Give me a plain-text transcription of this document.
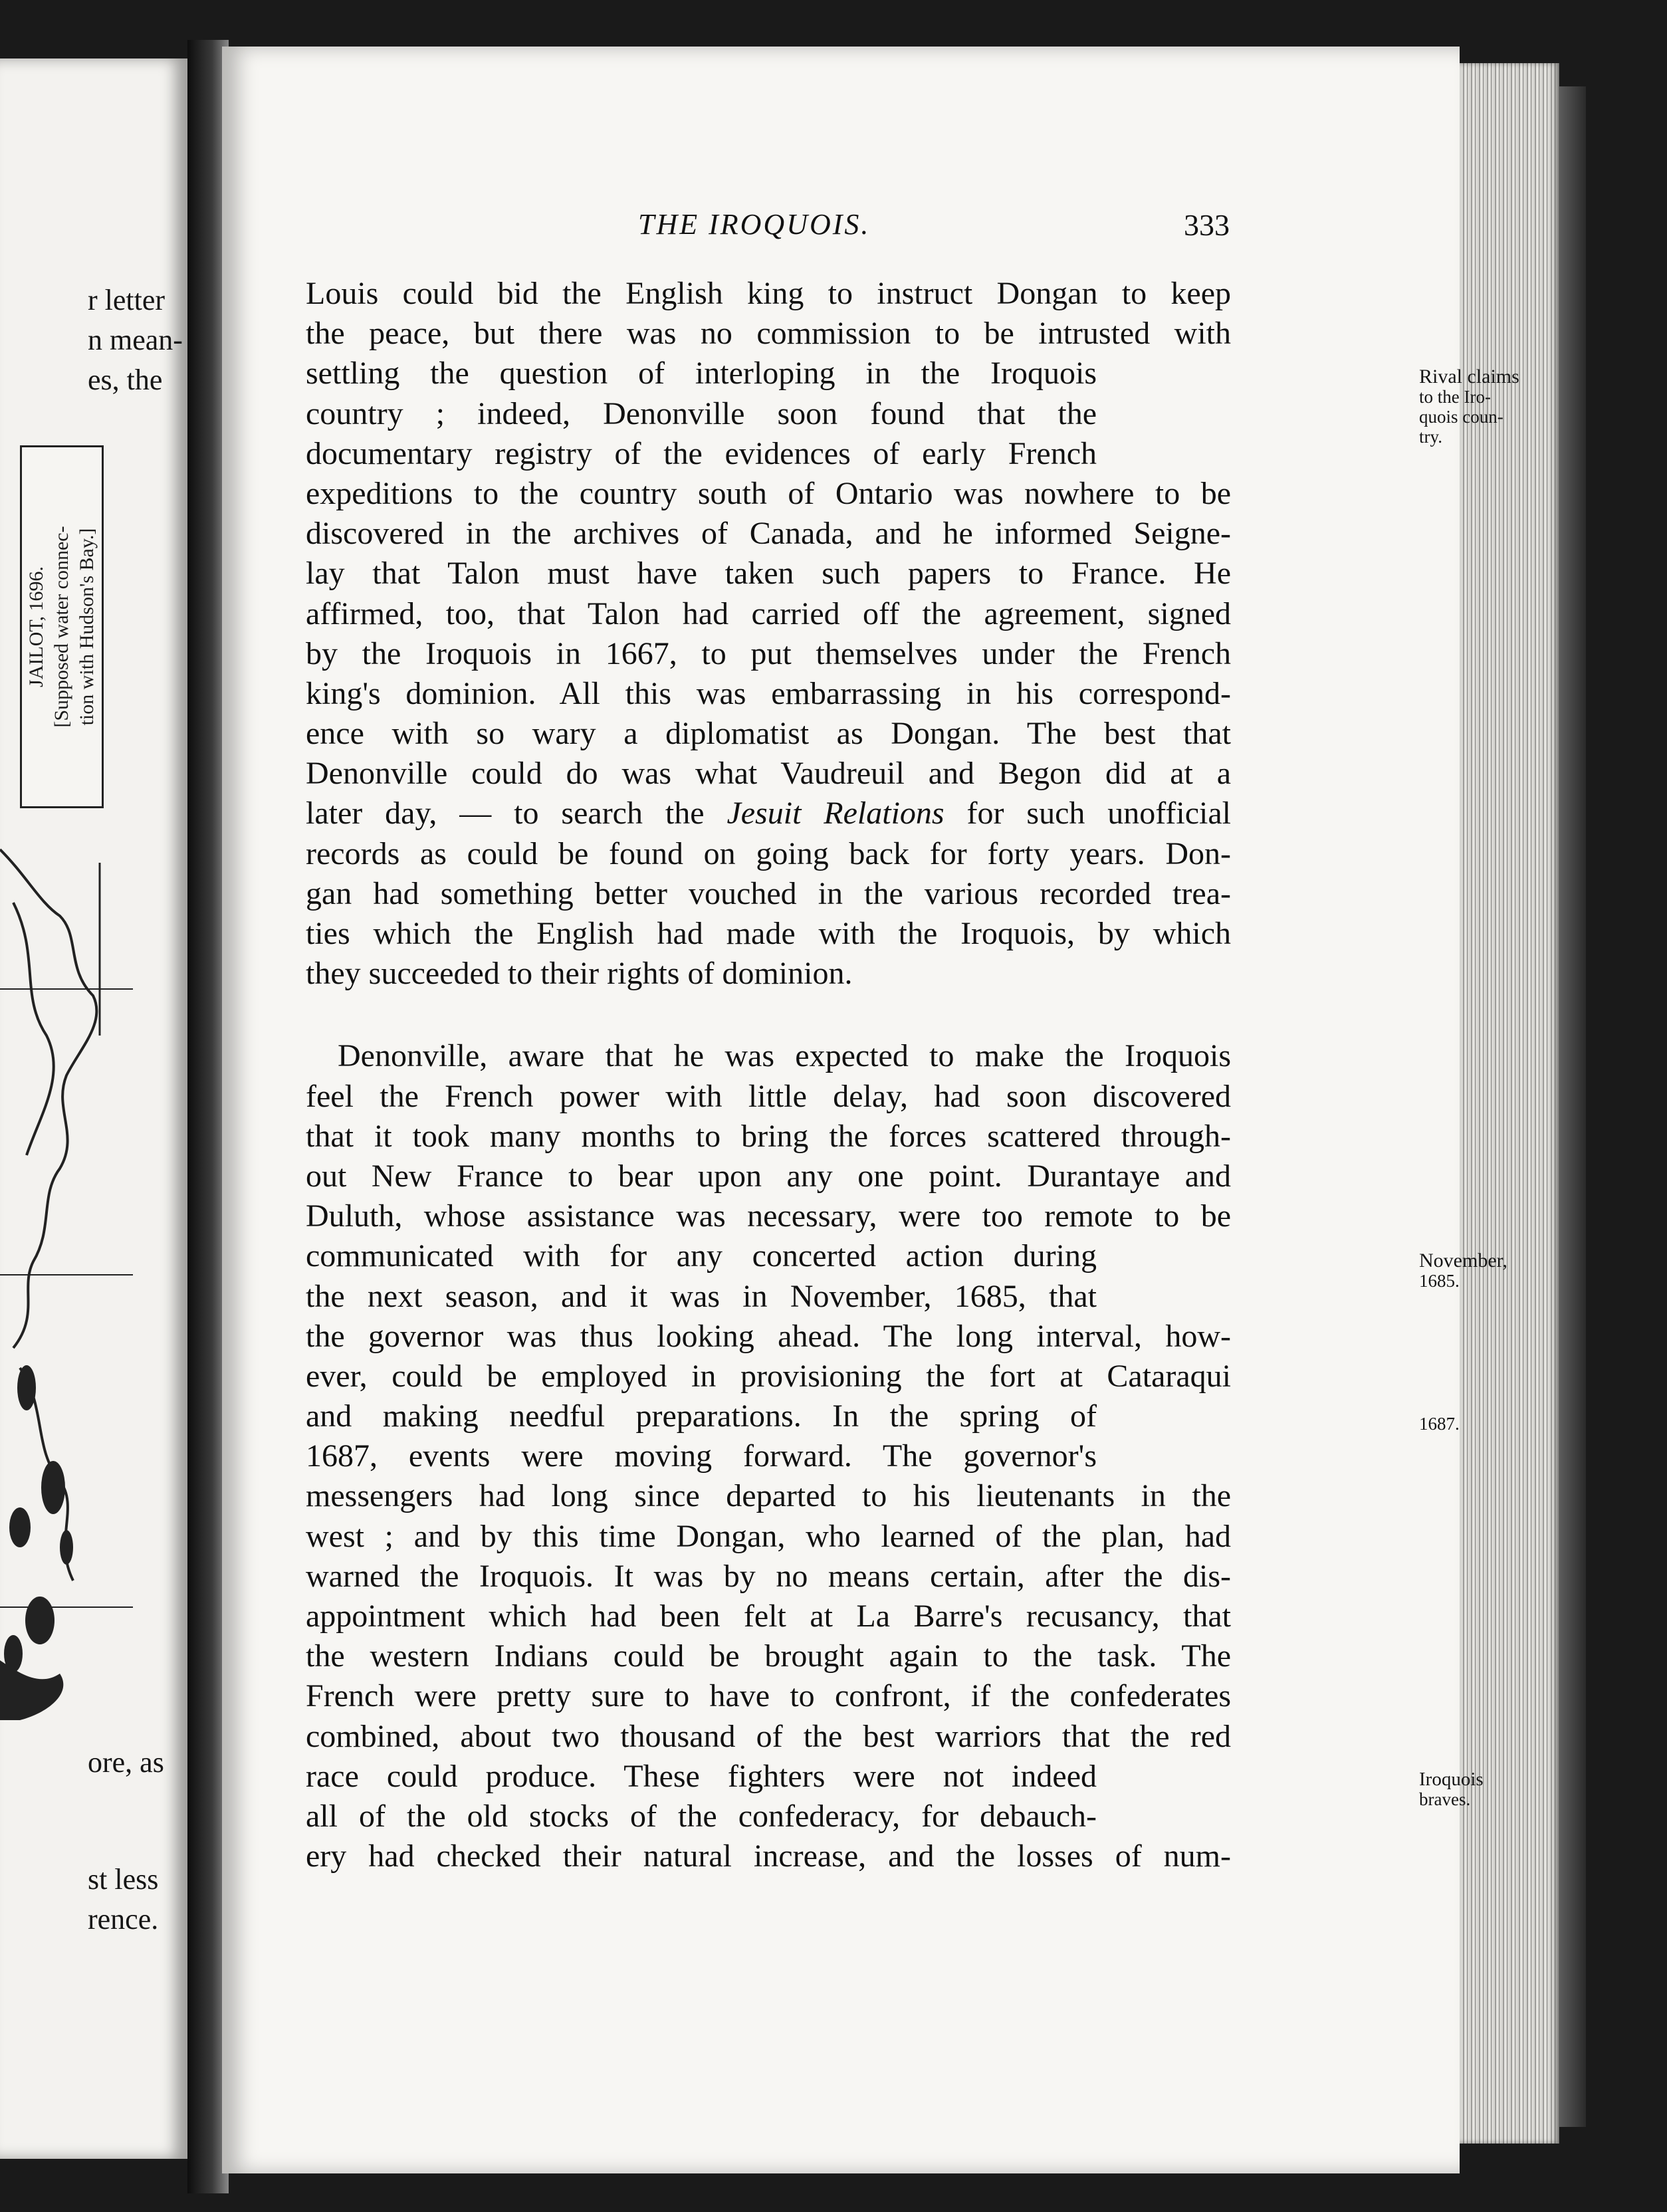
r letter
n mean-
es, the
JAILOT, 1696. [Supposed water connec- tion with Hudson's Bay.]
ore, as
st less
rence.
THE IROQUOIS.	333
Louis could bid the English king to instruct Dongan to keep
the peace, but there was no commission to be intrusted with
settling the question of interloping in the Iroquois
country ; indeed, Denonville soon found that the
documentary registry of the evidences of early French
expeditions to the country south of Ontario was nowhere to be
discovered in the archives of Canada, and he informed Seigne-
lay that Talon must have taken such papers to France. He
affirmed, too, that Talon had carried off the agreement, signed
by the Iroquois in 1667, to put themselves under the French
king's dominion. All this was embarrassing in his correspond-
ence with so wary a diplomatist as Dongan. The best that
Denonville could do was what Vaudreuil and Begon did at a
later day, — to search the Jesuit Relations for such unofficial
records as could be found on going back for forty years. Don-
gan had something better vouched in the various recorded trea-
ties which the English had made with the Iroquois, by which
they succeeded to their rights of dominion.
Denonville, aware that he was expected to make the Iroquois
feel the French power with little delay, had soon discovered
that it took many months to bring the forces scattered through-
out New France to bear upon any one point. Durantaye and
Duluth, whose assistance was necessary, were too remote to be
communicated with for any concerted action during
the next season, and it was in November, 1685, that
the governor was thus looking ahead. The long interval, how-
ever, could be employed in provisioning the fort at Cataraqui
and making needful preparations. In the spring of
1687, events were moving forward. The governor's
messengers had long since departed to his lieutenants in the
west ; and by this time Dongan, who learned of the plan, had
warned the Iroquois. It was by no means certain, after the dis-
appointment which had been felt at La Barre's recusancy, that
the western Indians could be brought again to the task. The
French were pretty sure to have to confront, if the confederates
combined, about two thousand of the best warriors that the red
race could produce. These fighters were not indeed
all of the old stocks of the confederacy, for debauch-
ery had checked their natural increase, and the losses of num-
Rival claims
to the Iro-
quois coun-
try.
November,
1685.
1687.
Iroquois
braves.
